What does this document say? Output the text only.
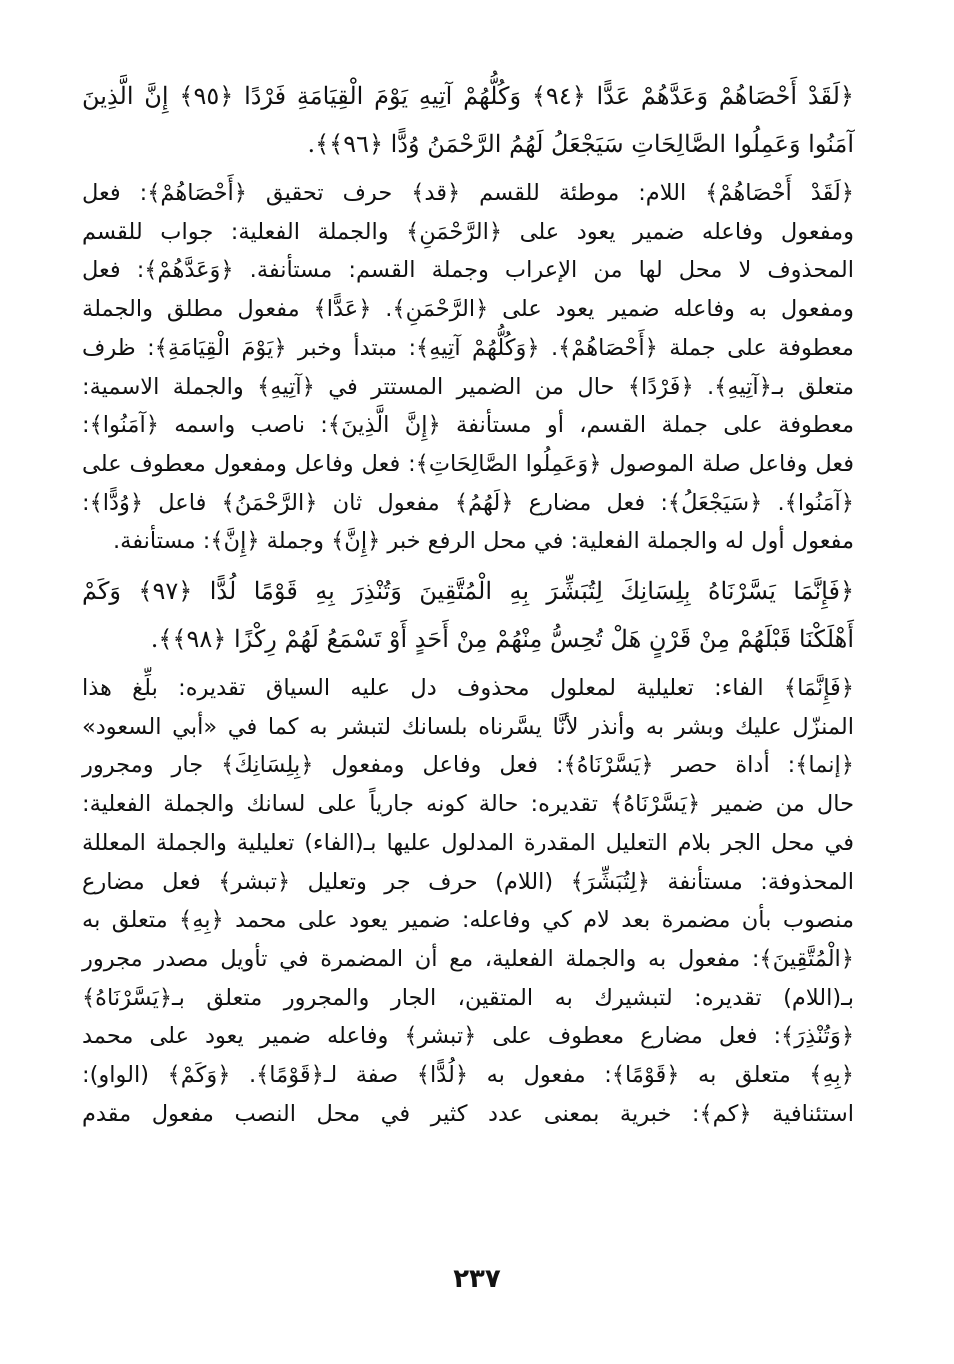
﴿لَقَدْ أَحْصَاهُمْ وَعَدَّهُمْ عَدًّا ﴿٩٤﴾ وَكُلُّهُمْ آتِيهِ يَوْمَ الْقِيَامَةِ فَرْدًا ﴿٩٥﴾ إِنَّ الَّذِينَ
آمَنُوا وَعَمِلُوا الصَّالِحَاتِ سَيَجْعَلُ لَهُمُ الرَّحْمَنُ وُدًّا ﴿٩٦﴾﴾.
﴿لَقَدْ أَحْصَاهُمْ﴾ اللام: موطئة للقسم ﴿قد﴾ حرف تحقيق ﴿أَحْصَاهُمْ﴾: فعل
ومفعول وفاعله ضمير يعود على ﴿الرَّحْمَنِ﴾ والجملة الفعلية: جواب للقسم
المحذوف لا محل لها من الإعراب وجملة القسم: مستأنفة. ﴿وَعَدَّهُمْ﴾: فعل
ومفعول به وفاعله ضمير يعود على ﴿الرَّحْمَنِ﴾. ﴿عَدًّا﴾ مفعول مطلق والجملة
معطوفة على جملة ﴿أَحْصَاهُمْ﴾. ﴿وَكُلُّهُمْ آتِيهِ﴾: مبتدأ وخبر ﴿يَوْمَ الْقِيَامَةِ﴾: ظرف
متعلق بـ﴿آتِيهِ﴾. ﴿فَرْدًا﴾ حال من الضمير المستتر في ﴿آتِيهِ﴾ والجملة الاسمية:
معطوفة على جملة القسم، أو مستأنفة ﴿إِنَّ الَّذِينَ﴾: ناصب واسمه ﴿آمَنُوا﴾:
فعل وفاعل صلة الموصول ﴿وَعَمِلُوا الصَّالِحَاتِ﴾: فعل وفاعل ومفعول معطوف على
﴿آمَنُوا﴾. ﴿سَيَجْعَلُ﴾: فعل مضارع ﴿لَهُمُ﴾ مفعول ثان ﴿الرَّحْمَنُ﴾ فاعل ﴿وُدًّا﴾:
مفعول أول له والجملة الفعلية: في محل الرفع خبر ﴿إِنَّ﴾ وجملة ﴿إِنَّ﴾: مستأنفة.
﴿فَإِنَّمَا يَسَّرْنَاهُ بِلِسَانِكَ لِتُبَشِّرَ بِهِ الْمُتَّقِينَ وَتُنْذِرَ بِهِ قَوْمًا لُدًّا ﴿٩٧﴾ وَكَمْ
أَهْلَكْنَا قَبْلَهُمْ مِنْ قَرْنٍ هَلْ تُحِسُّ مِنْهُمْ مِنْ أَحَدٍ أَوْ تَسْمَعُ لَهُمْ رِكْزًا ﴿٩٨﴾﴾.
﴿فَإِنَّمَا﴾ الفاء: تعليلية لمعلول محذوف دل عليه السياق تقديره: بلِّغ هذا
المنزّل عليك وبشر به وأنذر لأنَّا يسَّرناه بلسانك لتبشر به كما في «أبي السعود»
﴿إنما﴾: أداة حصر ﴿يَسَّرْنَاهُ﴾: فعل وفاعل ومفعول ﴿بِلِسَانِكَ﴾ جار ومجرور
حال من ضمير ﴿يَسَّرْنَاهُ﴾ تقديره: حالة كونه جارياً على لسانك والجملة الفعلية:
في محل الجر بلام التعليل المقدرة المدلول عليها بـ(الفاء) تعليلية والجملة المعللة
المحذوفة: مستأنفة ﴿لِتُبَشِّرَ﴾ (اللام) حرف جر وتعليل ﴿تبشر﴾ فعل مضارع
منصوب بأن مضمرة بعد لام كي وفاعله: ضمير يعود على محمد ﴿بِهِ﴾ متعلق به
﴿الْمُتَّقِينَ﴾: مفعول به والجملة الفعلية، مع أن المضمرة في تأويل مصدر مجرور
بـ(اللام) تقديره: لتبشيرك به المتقين، الجار والمجرور متعلق بـ﴿يَسَّرْنَاهُ﴾
﴿وَتُنْذِرَ﴾: فعل مضارع معطوف على ﴿تبشر﴾ وفاعله ضمير يعود على محمد
﴿بِهِ﴾ متعلق به ﴿قَوْمًا﴾: مفعول به ﴿لُدًّا﴾ صفة لـ﴿قَوْمًا﴾. ﴿وَكَمْ﴾ (الواو):
استئنافية ﴿كم﴾: خبرية بمعنى عدد كثير في محل النصب مفعول مقدم
٢٣٧
